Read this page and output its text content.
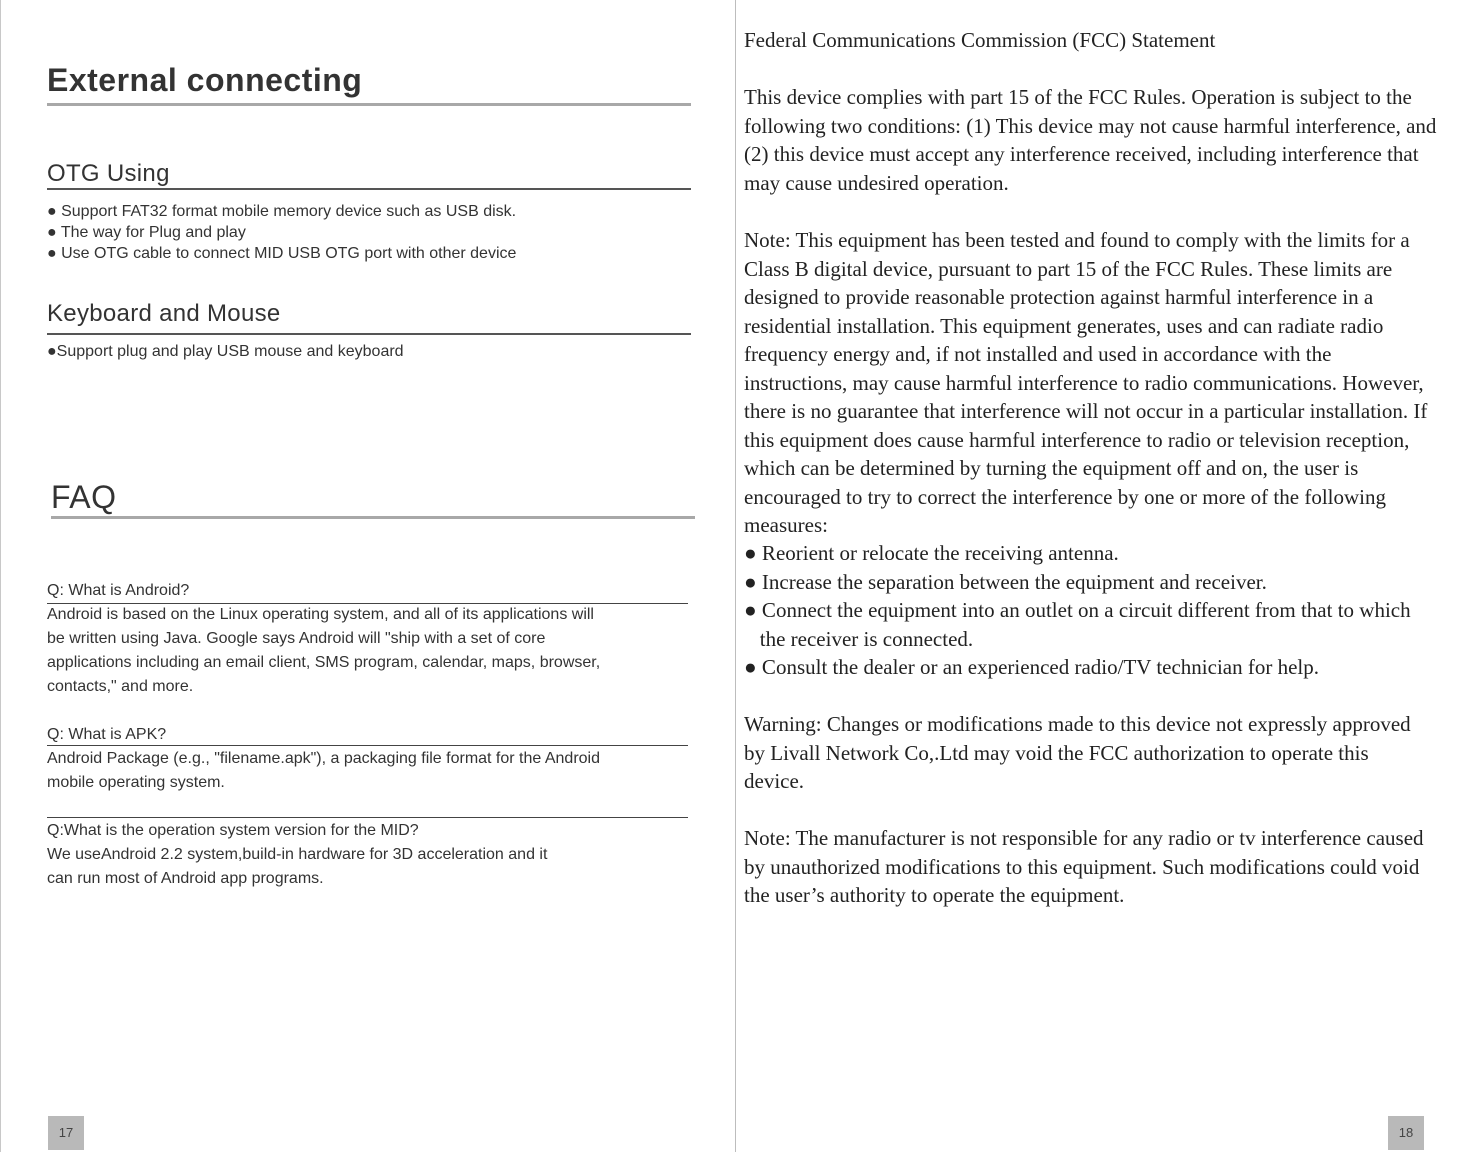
External connecting
OTG Using
● Support FAT32 format mobile memory device such as USB disk.
● The way for Plug and play
● Use OTG cable to connect MID USB OTG port with other device
Keyboard and Mouse
●Support plug and play USB mouse and keyboard
FAQ
Q: What is Android?
Android is based on the Linux operating system, and all of its applications will
be written using Java. Google says Android will "ship with a set of core
applications including an email client, SMS program, calendar, maps, browser,
contacts," and more.
Q: What is APK?
Android Package (e.g., "filename.apk"), a packaging file format for the Android
mobile operating system.
Q:What is the operation system version for the MID?
We useAndroid 2.2 system,build-in hardware for 3D acceleration and it
can run most of Android app programs.
17
Federal Communications Commission (FCC) Statement
This device complies with part 15 of the FCC Rules. Operation is subject to the
following two conditions: (1) This device may not cause harmful interference, and
(2) this device must accept any interference received, including interference that
may cause undesired operation.
Note: This equipment has been tested and found to comply with the limits for a
Class B digital device, pursuant to part 15 of the FCC Rules. These limits are
designed to provide reasonable protection against harmful interference in a
residential installation. This equipment generates, uses and can radiate radio
frequency energy and, if not installed and used in accordance with the
instructions, may cause harmful interference to radio communications. However,
there is no guarantee that interference will not occur in a particular installation. If
this equipment does cause harmful interference to radio or television reception,
which can be determined by turning the equipment off and on, the user is
encouraged to try to correct the interference by one or more of the following
measures:
● Reorient or relocate the receiving antenna.
● Increase the separation between the equipment and receiver.
● Connect the equipment into an outlet on a circuit different from that to which
the receiver is connected.
● Consult the dealer or an experienced radio/TV technician for help.
Warning: Changes or modifications made to this device not expressly approved
by Livall Network Co,.Ltd may void the FCC authorization to operate this
device.
Note: The manufacturer is not responsible for any radio or tv interference caused
by unauthorized modifications to this equipment. Such modifications could void
the user’s authority to operate the equipment.
18
